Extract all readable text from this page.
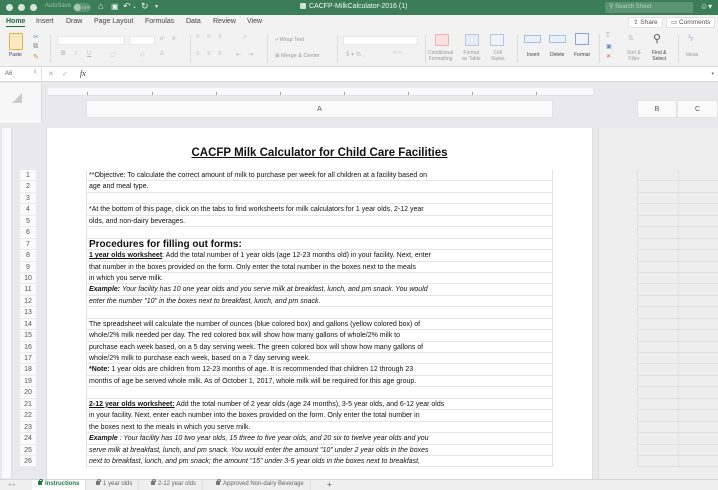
AutoSave	OFF ⌂ ▣ ↶ ⌄ ↻ ▾	CACFP-MilkCalculator-2016 (1)	⚲ Search Sheet	☺▾
Home Insert Draw Page Layout Formulas Data Review View	⇪ Share	▭ Comments
Paste
✂
⧉
✎
A⁺ A⁻
B I U	▢	◇	A
≡ ≡ ≡	↗
≡ ≡ ≡ ⇤ ⇥
⤶ Wrap Text
⊞ Merge & Center	$ ▾ % ,	⁰⁰ ⁰⁰	Conditional
Formatting
Format
as Table
Cell
Styles
Insert Delete Format
Σ
▣
✕
⇅
Sort &
Filter
⚲
Find &
Select
ϟ
Ideas
A6	⇕ ✕ ✓ fx	▾
A	B	C
CACFP Milk Calculator for Child Care Facilities
1
2
3
4
5
6
7
8
9
10
11
12
13
14
15
16
17
18
19
20
21
22
23
24
25
26
**Objective: To calculate the correct amount of milk to purchase per week for all children at a facility based on
age and meal type.
*At the bottom of this page, click on the tabs to find worksheets for milk calculators for 1 year olds, 2-12 year
olds, and non-dairy beverages.
Procedures for filling out forms:
1 year olds worksheet: Add the total number of 1 year olds (age 12-23 months old) in your facility. Next, enter
that number in the boxes provided on the form. Only enter the total number in the boxes next to the meals
in which you serve milk.
Example: Your facility has 10 one year olds and you serve milk at breakfast, lunch, and pm snack. You would
enter the number "10" in the boxes next to breakfast, lunch, and pm snack.
The spreadsheet will calculate the number of ounces (blue colored box) and gallons (yellow colored box) of
whole/2% milk needed per day. The red colored box will show how many gallons of whole/2% milk to
purchase each week based, on a 5 day serving week. The green colored box will show how many gallons of
whole/2% milk to purchase each week, based on a 7 day serving week.
*Note: 1 year olds are children from 12-23 months of age. It is recommended that children 12 through 23
months of age be served whole milk. As of October 1, 2017, whole milk will be required for this age group.
2-12 year olds worksheet: Add the total number of 2 year olds (age 24 months), 3-5 year olds, and 6-12 year olds
in your facility. Next, enter each number into the boxes provided on the form. Only enter the total number in
the boxes next to the meals in which you serve milk.
Example : Your facility has 10 two year olds, 15 three to five year olds, and 20 six to twelve year olds and you
serve milk at breakfast, lunch, and pm snack. You would enter the amount "10" under 2 year olds in the boxes
next to breakfast, lunch, and pm snack; the amount "15" under 3-5 year olds in the boxes next to breakfast,
◂ ▸	Instructions	1 year olds	2-12 year olds	Approved Non-dairy Beverage	+
